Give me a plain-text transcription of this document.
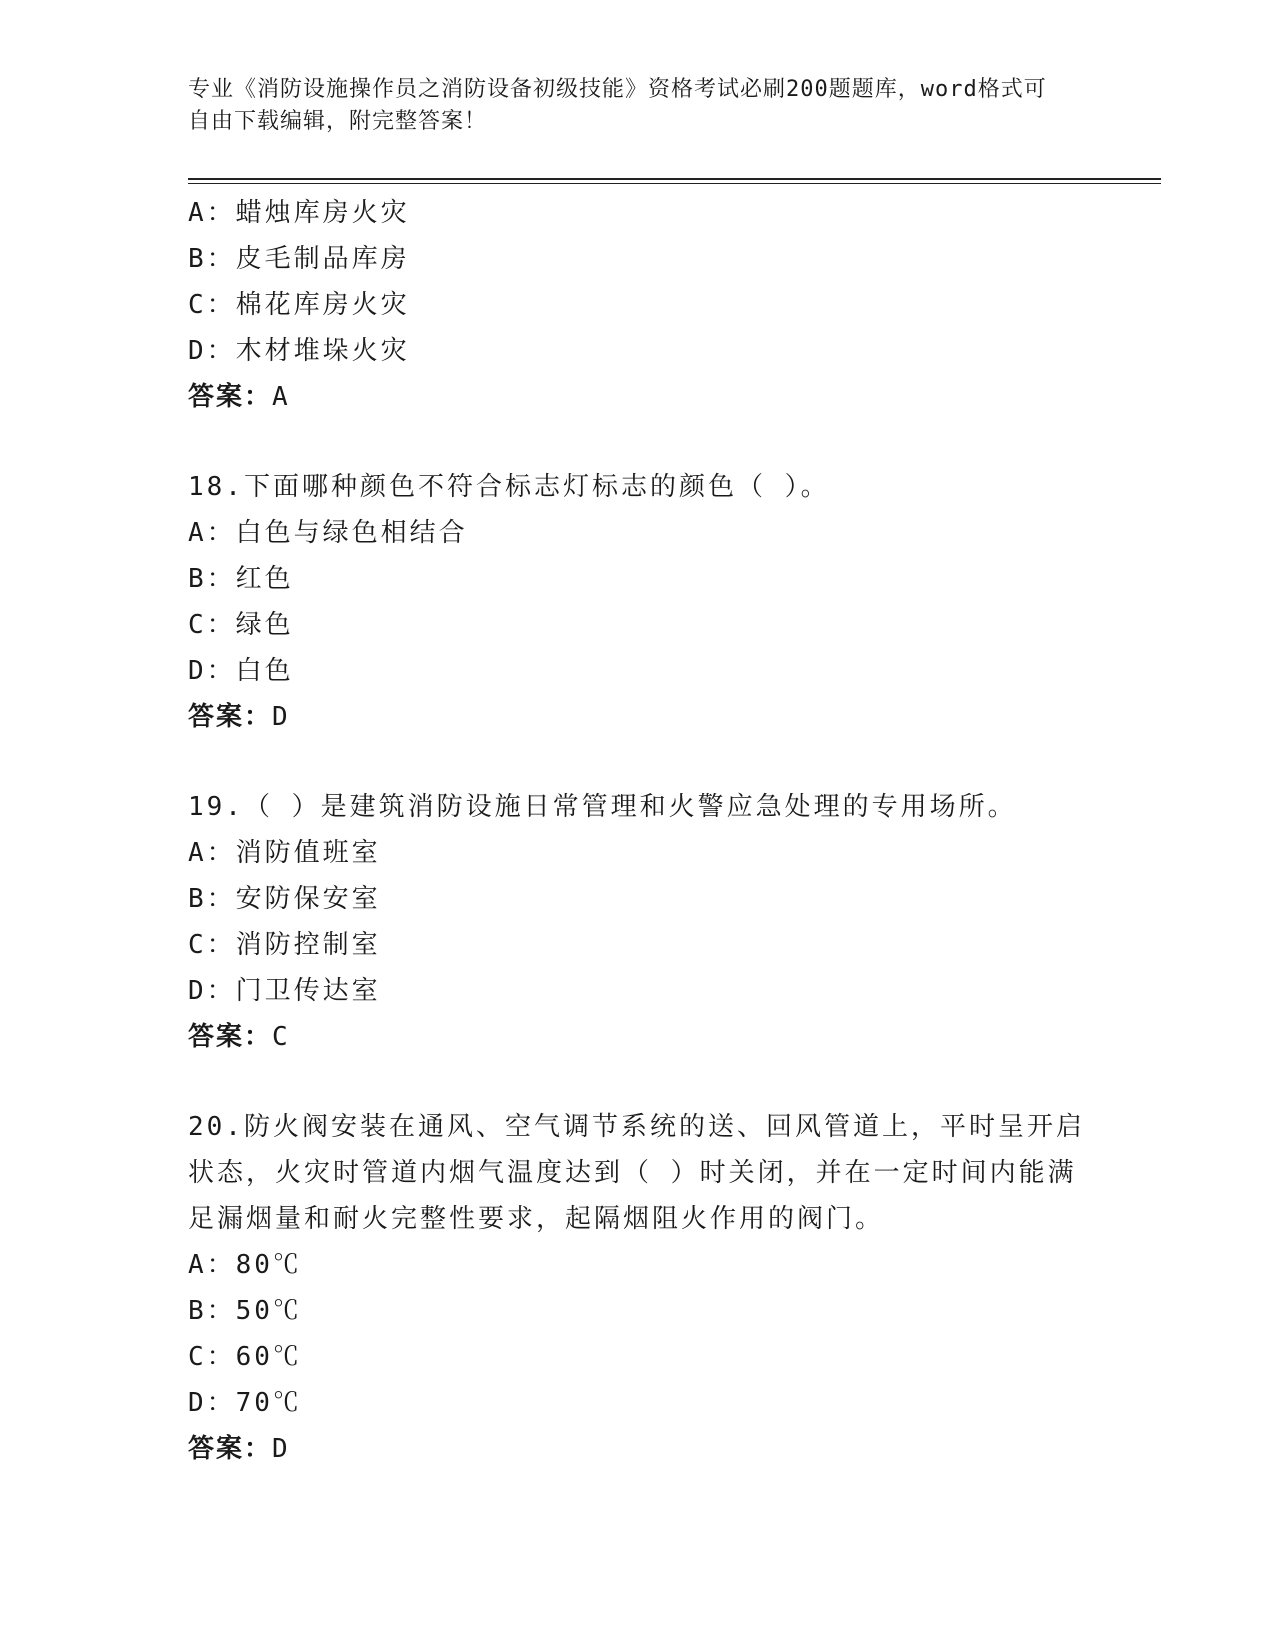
专业《消防设施操作员之消防设备初级技能》资格考试必刷200题题库，word格式可自由下载编辑，附完整答案！
A：蜡烛库房火灾
B：皮毛制品库房
C：棉花库房火灾
D：木材堆垛火灾
答案：A
18.下面哪种颜色不符合标志灯标志的颜色（ ）。
A：白色与绿色相结合
B：红色
C：绿色
D：白色
答案：D
19.（ ）是建筑消防设施日常管理和火警应急处理的专用场所。
A：消防值班室
B：安防保安室
C：消防控制室
D：门卫传达室
答案：C
20.防火阀安装在通风、空气调节系统的送、回风管道上，平时呈开启状态，火灾时管道内烟气温度达到（ ）时关闭，并在一定时间内能满足漏烟量和耐火完整性要求，起隔烟阻火作用的阀门。
A：80℃
B：50℃
C：60℃
D：70℃
答案：D
